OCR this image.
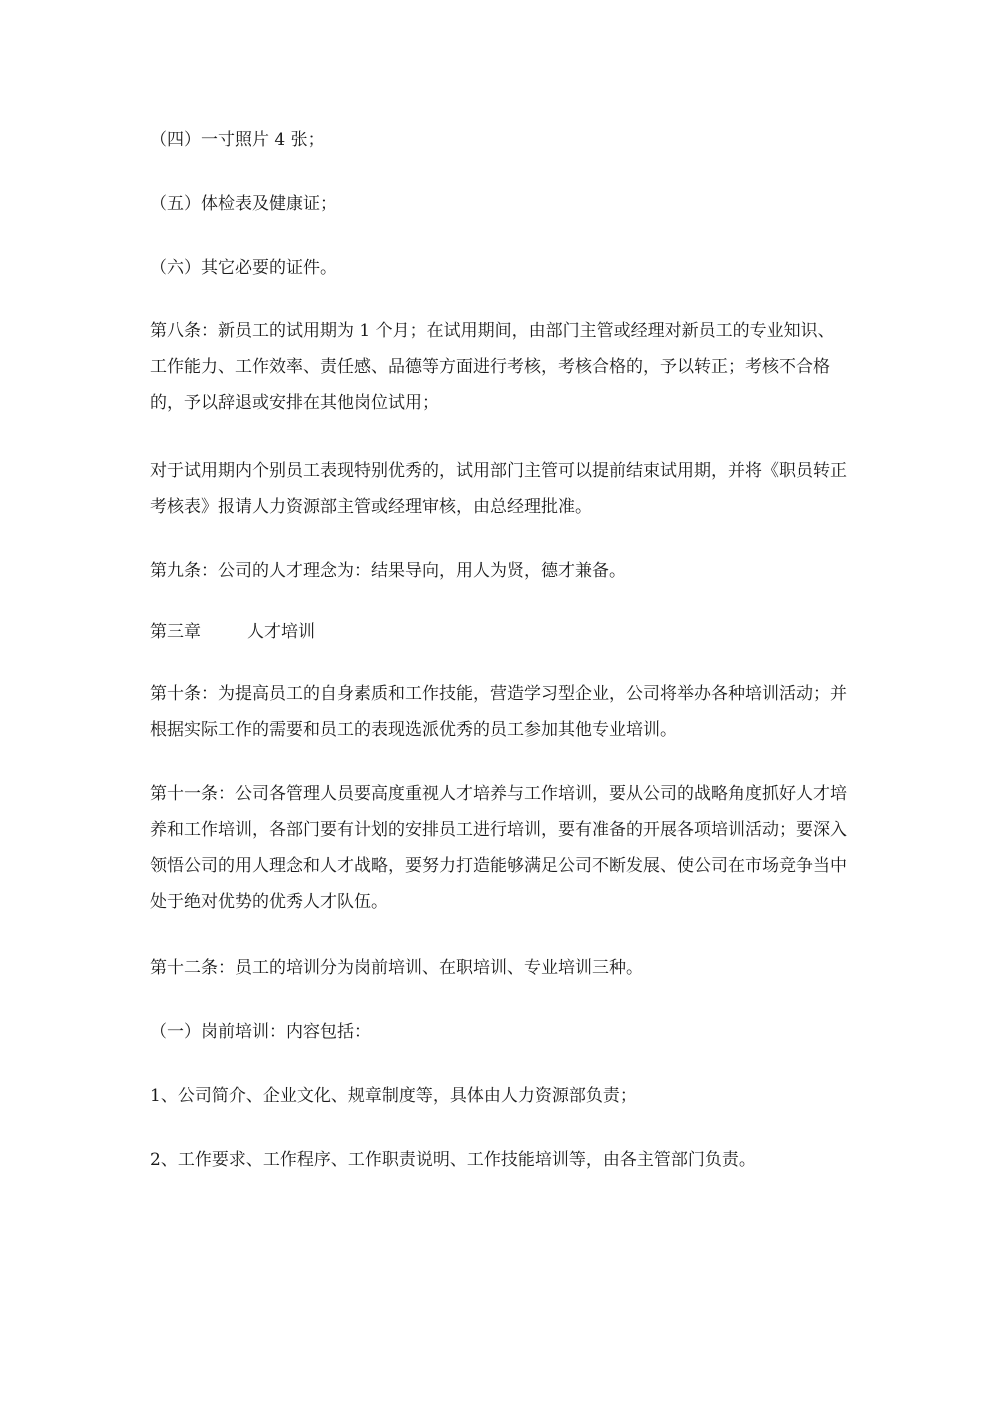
（四）一寸照片 4 张；

（五）体检表及健康证；

（六）其它必要的证件。

第八条：新员工的试用期为 1 个月；在试用期间，由部门主管或经理对新员工的专业知识、工作能力、工作效率、责任感、品德等方面进行考核，考核合格的，予以转正；考核不合格的，予以辞退或安排在其他岗位试用；

对于试用期内个别员工表现特别优秀的，试用部门主管可以提前结束试用期，并将《职员转正考核表》报请人力资源部主管或经理审核，由总经理批准。

第九条：公司的人才理念为：结果导向，用人为贤，德才兼备。

第三章	人才培训

第十条：为提高员工的自身素质和工作技能，营造学习型企业，公司将举办各种培训活动；并根据实际工作的需要和员工的表现选派优秀的员工参加其他专业培训。

第十一条：公司各管理人员要高度重视人才培养与工作培训，要从公司的战略角度抓好人才培养和工作培训，各部门要有计划的安排员工进行培训，要有准备的开展各项培训活动；要深入领悟公司的用人理念和人才战略，要努力打造能够满足公司不断发展、使公司在市场竞争当中处于绝对优势的优秀人才队伍。

第十二条：员工的培训分为岗前培训、在职培训、专业培训三种。

（一）岗前培训：内容包括：

1、公司简介、企业文化、规章制度等，具体由人力资源部负责；

2、工作要求、工作程序、工作职责说明、工作技能培训等，由各主管部门负责。
